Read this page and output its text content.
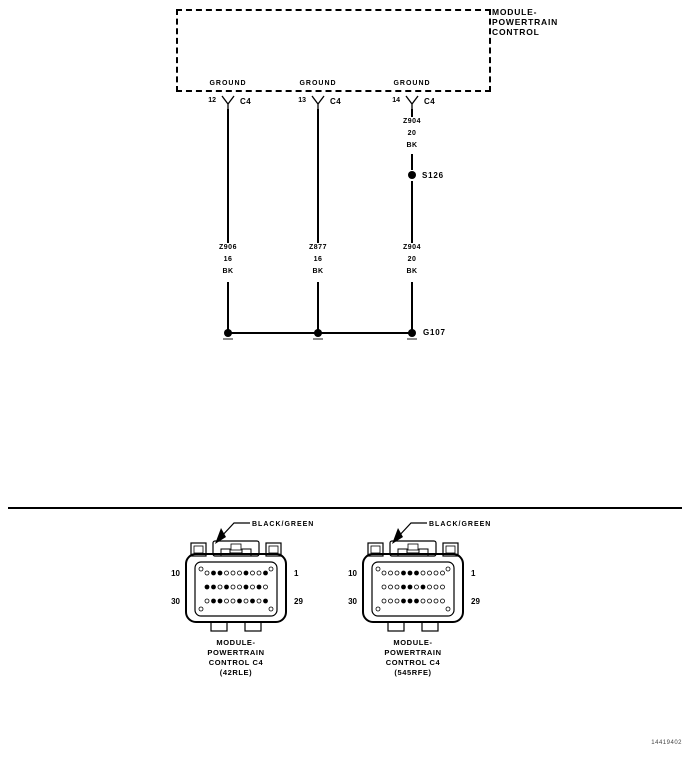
MODULE-
POWERTRAIN
CONTROL
GROUND	GROUND	GROUND
12	C4	13	C4	14	C4
Z906
16
BK
Z877
16
BK
Z904
20
BK
S126
Z904
20
BK
G107
BLACK/GREEN
10	1
30	29
MODULE-
POWERTRAIN
CONTROL C4
(42RLE)
BLACK/GREEN
10	1
30	29
MODULE-
POWERTRAIN
CONTROL C4
(545RFE)
14419402
